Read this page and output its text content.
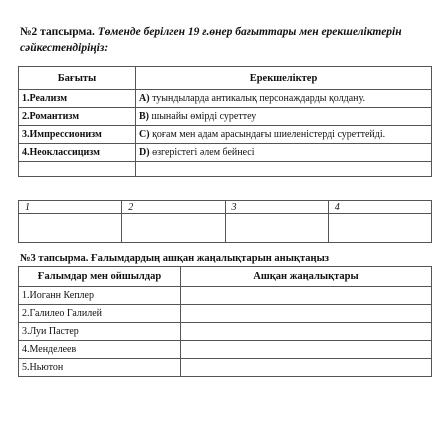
№2 тапсырма. Төменде берілген 19 ғ.өнер бағыттары мен ерекшеліктерін сәйкестендіріңіз:

Бағыты	Ерекшеліктер
1.Реализм	А) туындыларда антикалық персонаждарды қолдану.
2.Романтизм	В) шынайы өмірді суреттеу
3.Импрессионизм	С) қоғам мен адам арасындағы шиеленістерді суреттейді.
4.Неоклассицизм	D) өзгерістегі әлем бейнесі

1	2	3	4

№3 тапсырма. Ғалымдардың ашқан жаңалықтарын анықтаңыз

Ғалымдар мен ойшылдар	Ашқан жаңалықтары
1.Иоганн Кеплер	
2.Галилео Галилей	
3.Луи Пастер	
4.Менделеев	
5.Ньютон	
